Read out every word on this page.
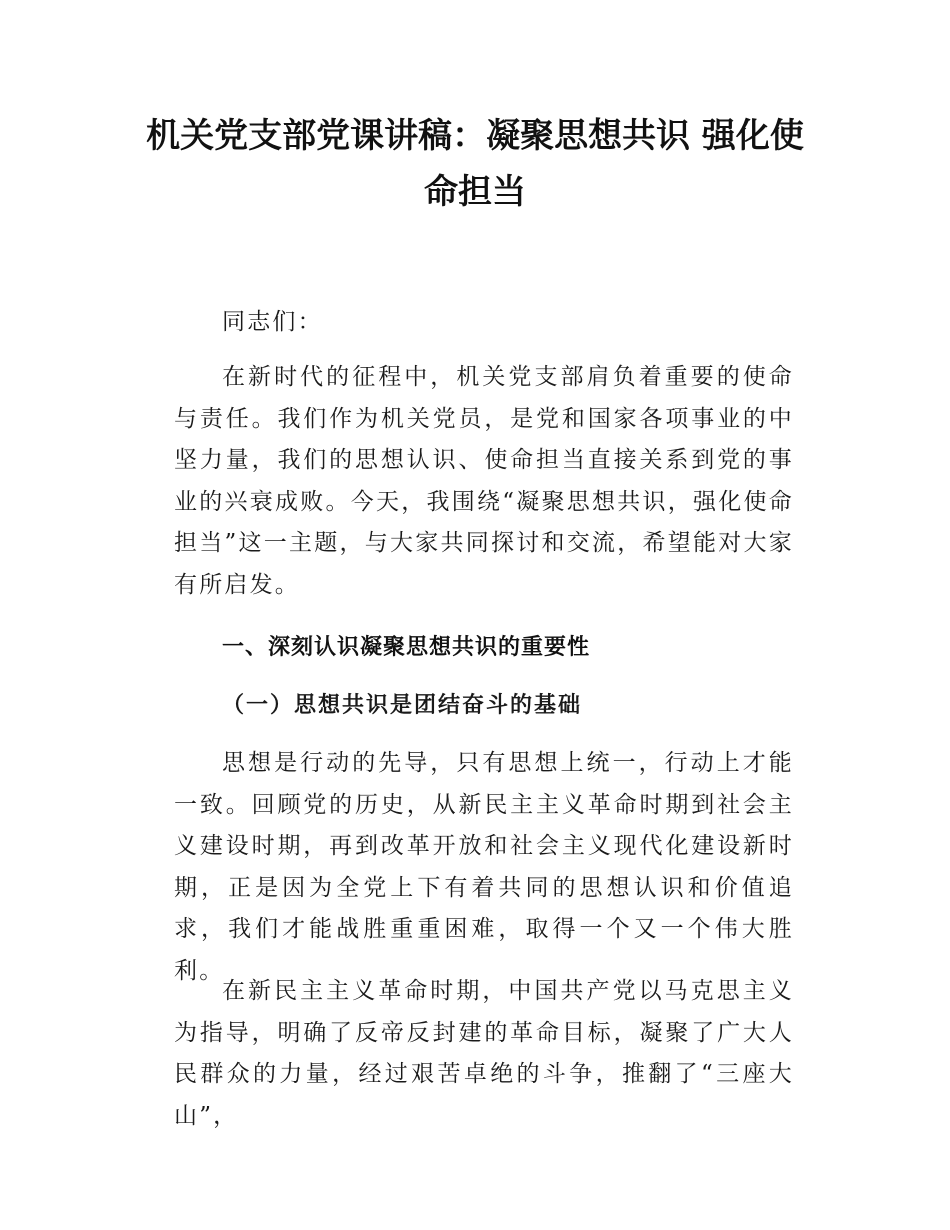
机关党支部党课讲稿：凝聚思想共识 强化使
命担当

同志们：

在新时代的征程中，机关党支部肩负着重要的使命与责任。我们作为机关党员，是党和国家各项事业的中坚力量，我们的思想认识、使命担当直接关系到党的事业的兴衰成败。今天，我围绕“凝聚思想共识，强化使命担当”这一主题，与大家共同探讨和交流，希望能对大家有所启发。

一、深刻认识凝聚思想共识的重要性
（一）思想共识是团结奋斗的基础

思想是行动的先导，只有思想上统一，行动上才能一致。回顾党的历史，从新民主主义革命时期到社会主义建设时期，再到改革开放和社会主义现代化建设新时期，正是因为全党上下有着共同的思想认识和价值追求，我们才能战胜重重困难，取得一个又一个伟大胜利。

在新民主主义革命时期，中国共产党以马克思主义为指导，明确了反帝反封建的革命目标，凝聚了广大人民群众的力量，经过艰苦卓绝的斗争，推翻了“三座大山”，
